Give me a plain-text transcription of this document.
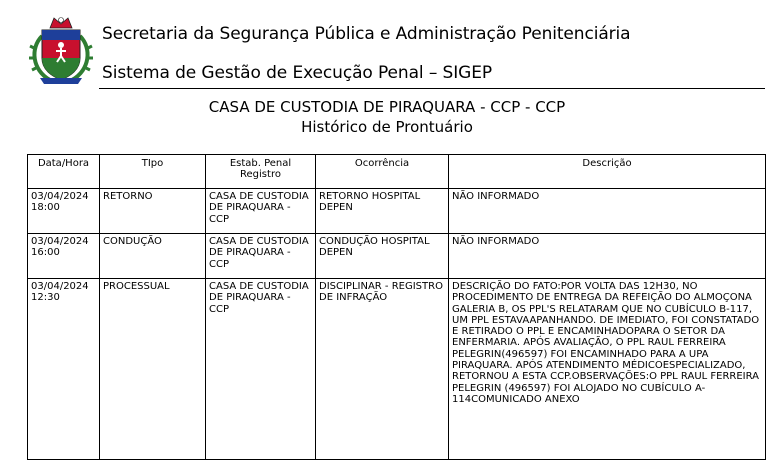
Secretaria da Segurança Pública e Administração Penitenciária
Sistema de Gestão de Execução Penal – SIGEP
CASA DE CUSTODIA DE PIRAQUARA - CCP - CCP
Histórico de Prontuário
Data/Hora	TIpo	Estab. Penal Registro	Ocorrência	Descrição
03/04/2024 18:00	RETORNO	CASA DE CUSTODIA DE PIRAQUARA - CCP	RETORNO HOSPITAL DEPEN	NÃO INFORMADO
03/04/2024 16:00	CONDUÇÃO	CASA DE CUSTODIA DE PIRAQUARA - CCP	CONDUÇÃO HOSPITAL DEPEN	NÃO INFORMADO
03/04/2024 12:30	PROCESSUAL	CASA DE CUSTODIA DE PIRAQUARA - CCP	DISCIPLINAR - REGISTRO DE INFRAÇÃO	DESCRIÇÃO DO FATO:POR VOLTA DAS 12H30, NO PROCEDIMENTO DE ENTREGA DA REFEIÇÃO DO ALMOÇONA GALERIA B, OS PPL'S RELATARAM QUE NO CUBÍCULO B-117, UM PPL ESTAVAAPANHANDO. DE IMEDIATO, FOI CONSTATADO E RETIRADO O PPL E ENCAMINHADOPARA O SETOR DA ENFERMARIA. APÓS AVALIAÇÃO, O PPL RAUL FERREIRA PELEGRIN(496597) FOI ENCAMINHADO PARA A UPA PIRAQUARA. APÓS ATENDIMENTO MÉDICOESPECIALIZADO, RETORNOU A ESTA CCP.OBSERVAÇÕES:O PPL RAUL FERREIRA PELEGRIN (496597) FOI ALOJADO NO CUBÍCULO A-114COMUNICADO ANEXO
